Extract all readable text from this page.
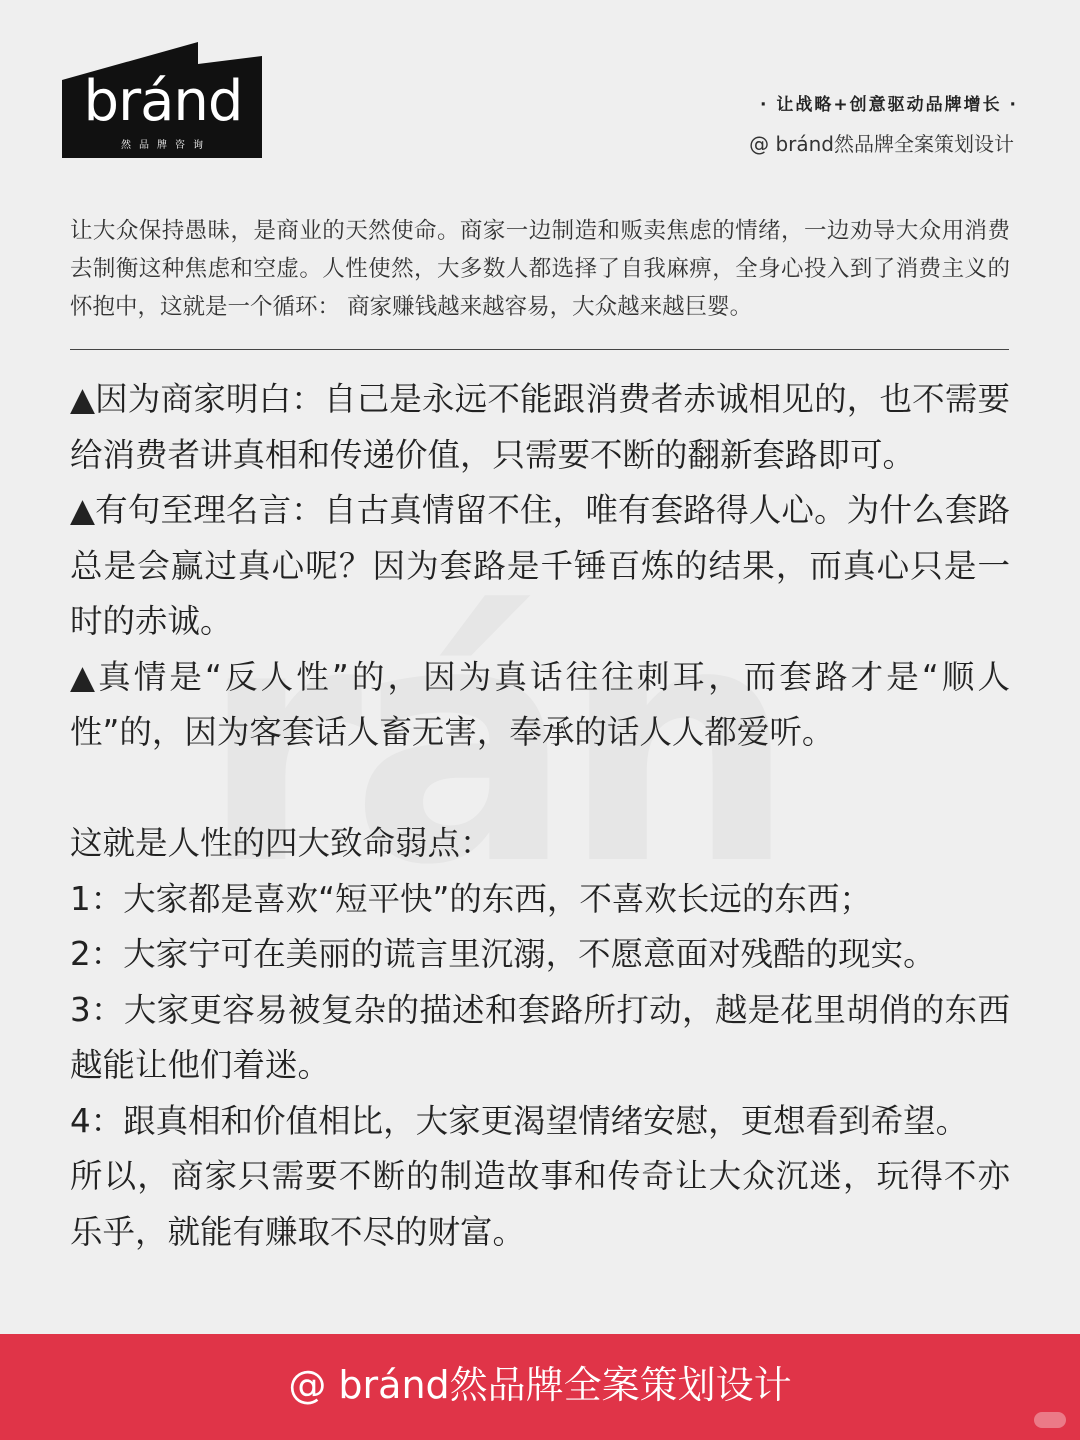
bránd
然品牌咨询
· 让战略+创意驱动品牌增长 ·
@ bránd然品牌全案策划设计
让大众保持愚昧，是商业的天然使命。商家一边制造和贩卖焦虑的情绪，一边劝导大众用消费去制衡这种焦虑和空虚。人性使然，大多数人都选择了自我麻痹，全身心投入到了消费主义的怀抱中，这就是一个循环： 商家赚钱越来越容易，大众越来越巨婴。

▲因为商家明白：自己是永远不能跟消费者赤诚相见的，也不需要给消费者讲真相和传递价值，只需要不断的翻新套路即可。

▲有句至理名言：自古真情留不住，唯有套路得人心。为什么套路总是会赢过真心呢？因为套路是千锤百炼的结果，而真心只是一时的赤诚。

▲真情是“反人性”的，因为真话往往刺耳，而套路才是“顺人性”的，因为客套话人畜无害，奉承的话人人都爱听。

这就是人性的四大致命弱点：

1：大家都是喜欢“短平快”的东西，不喜欢长远的东西；

2：大家宁可在美丽的谎言里沉溺，不愿意面对残酷的现实。

3：大家更容易被复杂的描述和套路所打动，越是花里胡俏的东西越能让他们着迷。

4：跟真相和价值相比，大家更渴望情绪安慰，更想看到希望。

所以，商家只需要不断的制造故事和传奇让大众沉迷，玩得不亦乐乎，就能有赚取不尽的财富。

@ bránd然品牌全案策划设计
